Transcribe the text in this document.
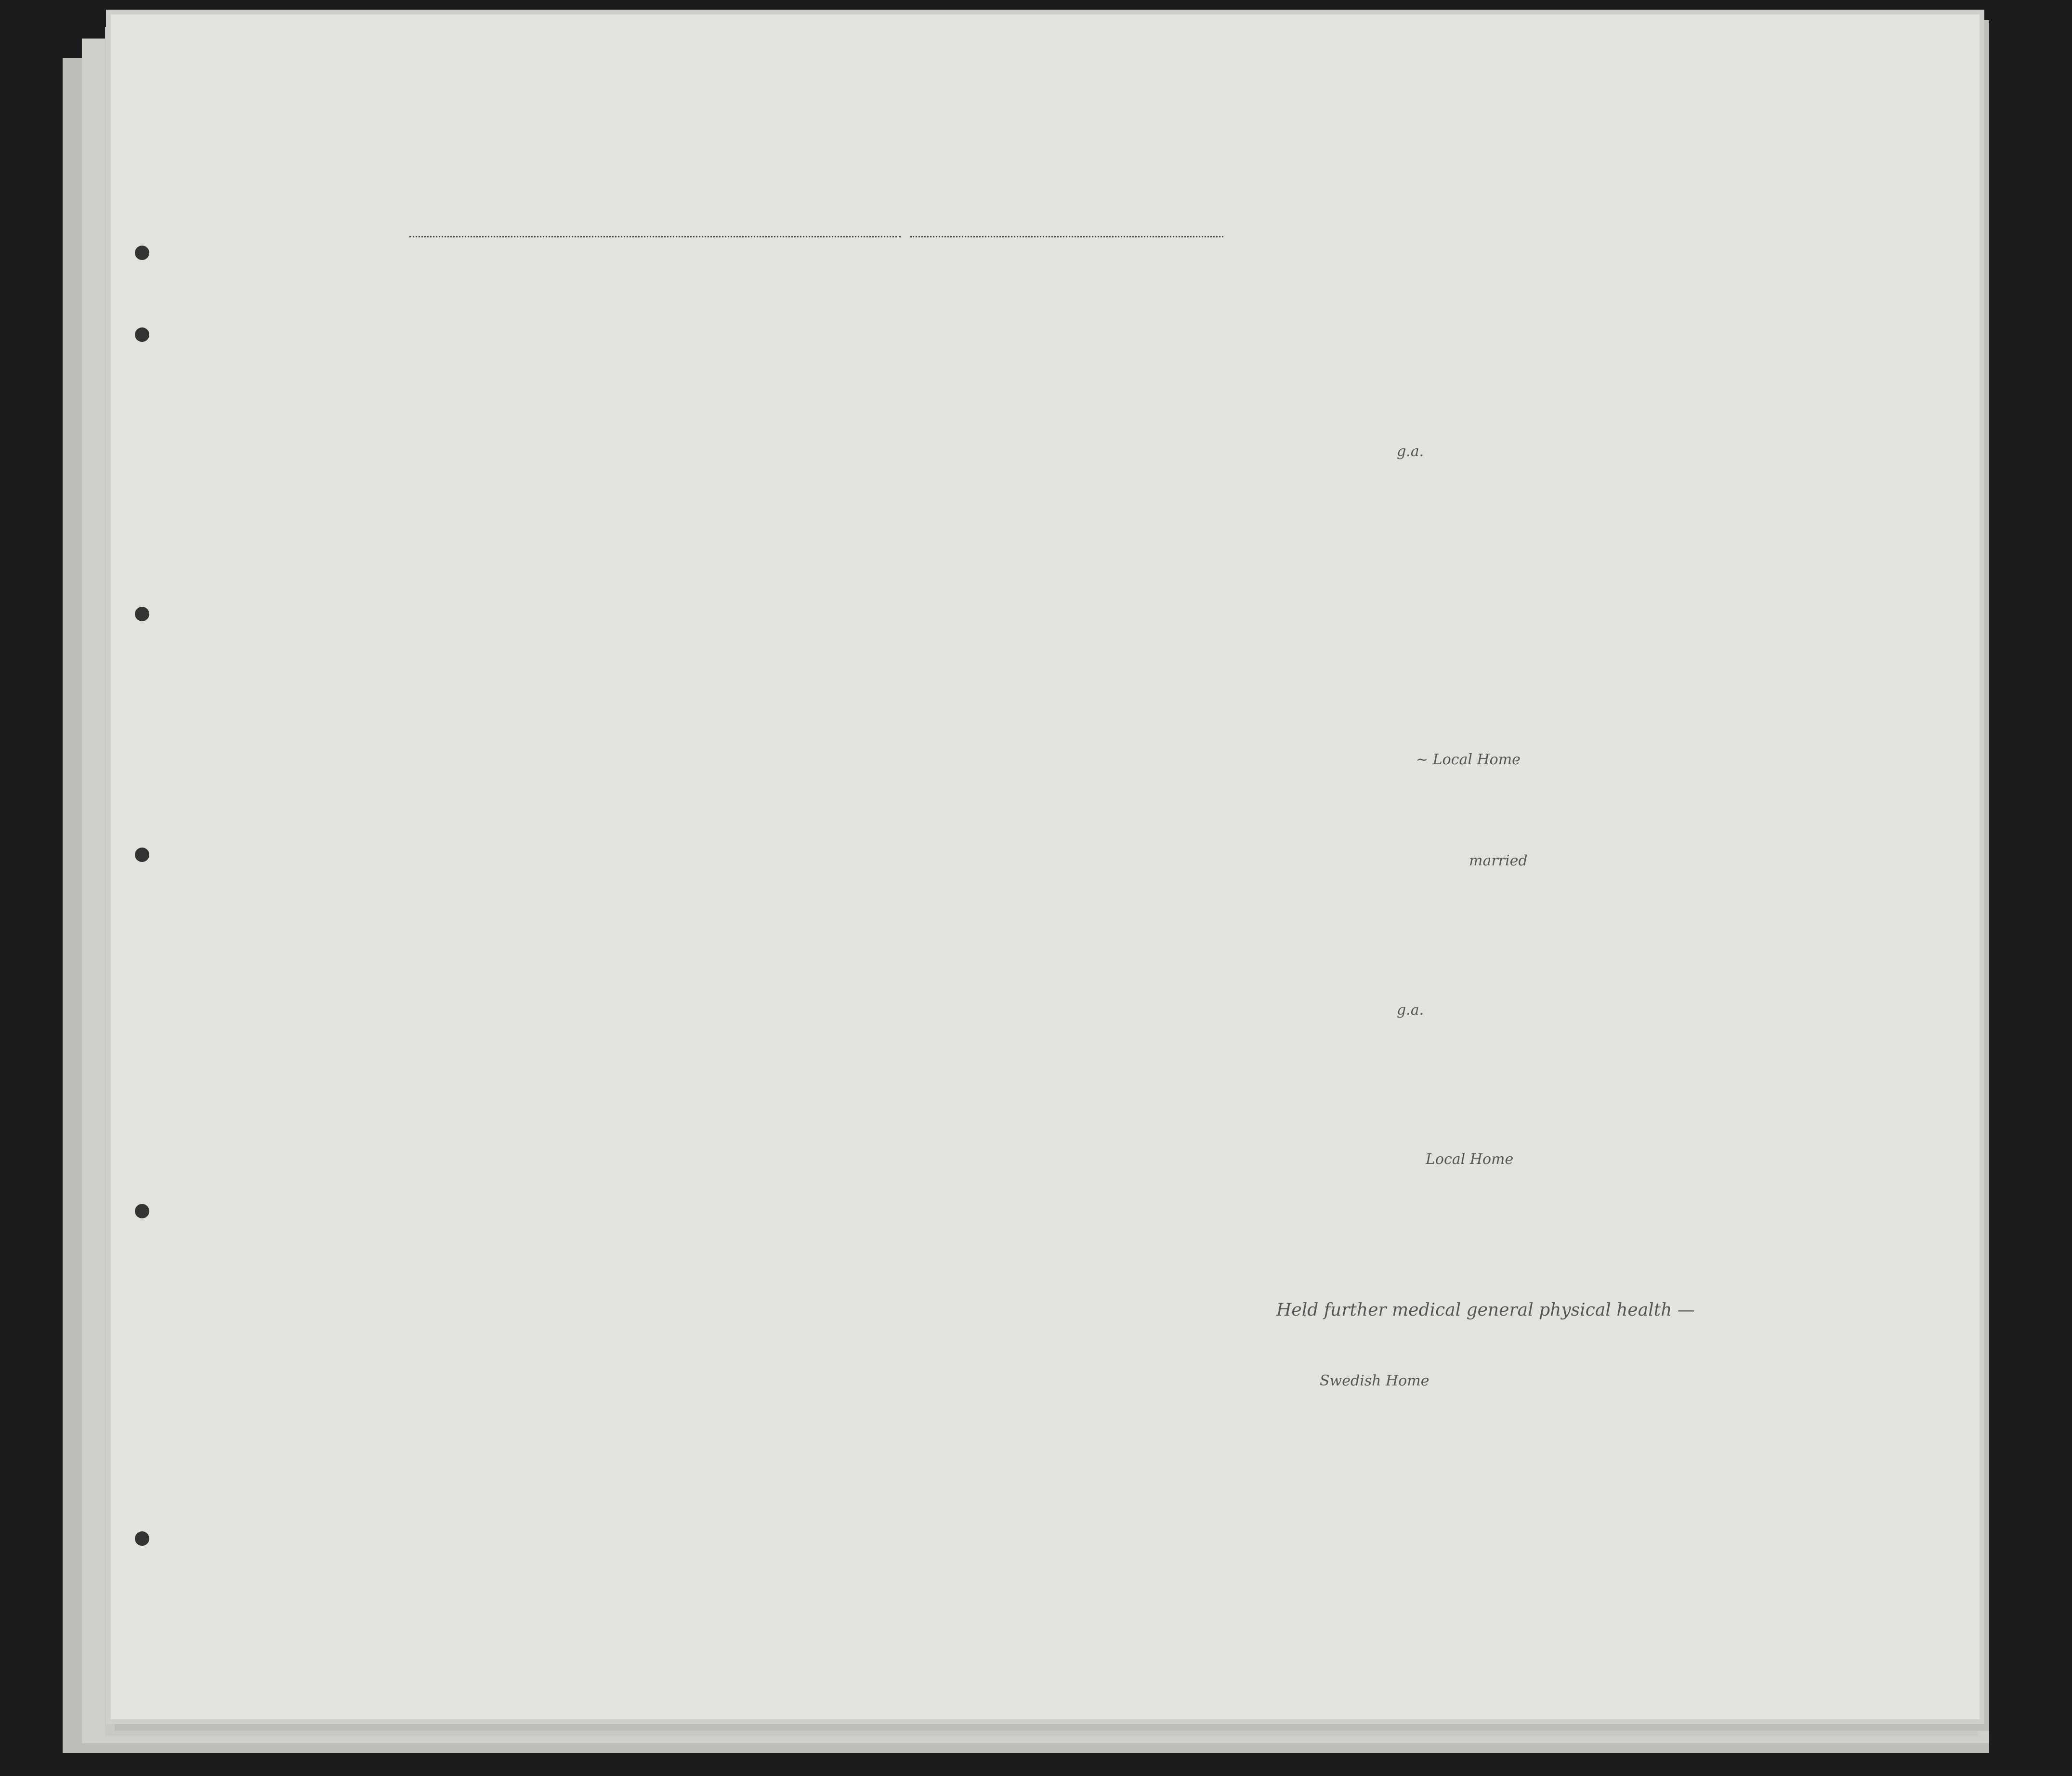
g.a.
~ Local Home
married
g.a.
Local Home
Held further medical general physical health —
Swedish Home
